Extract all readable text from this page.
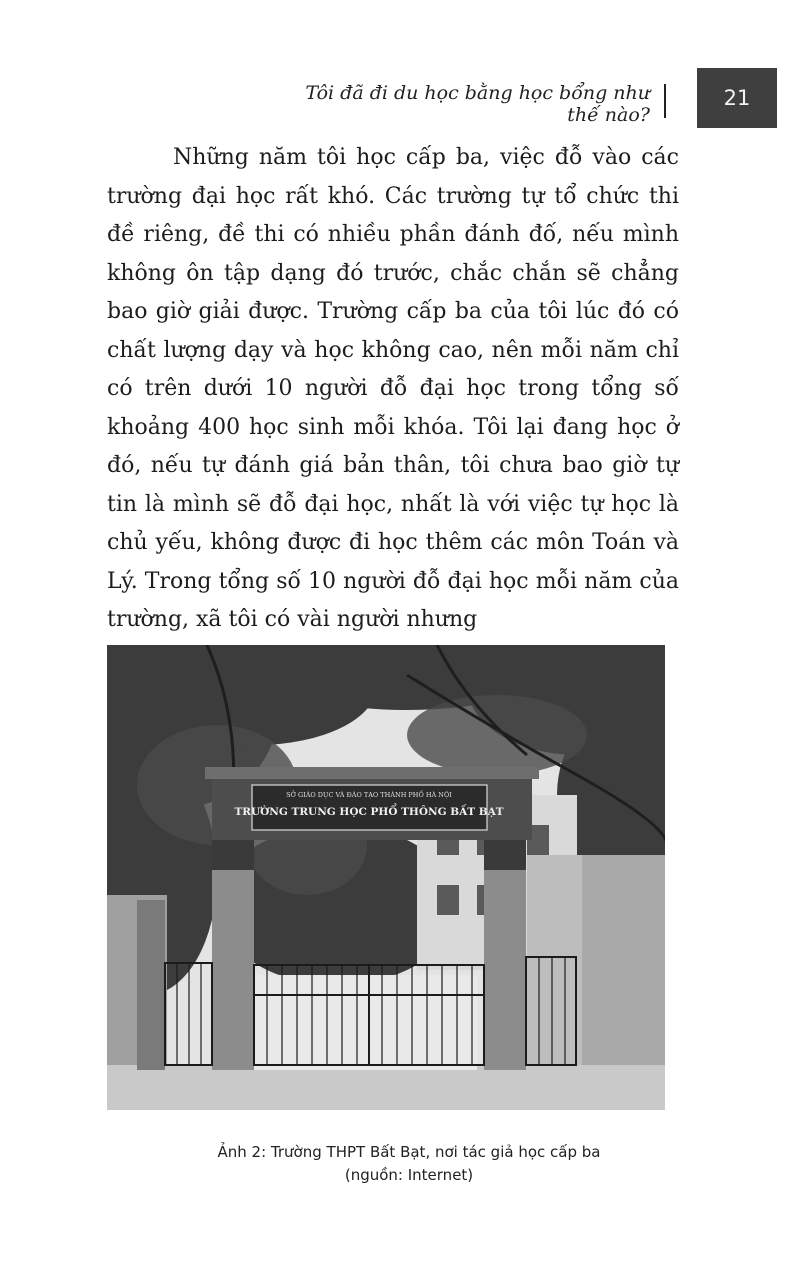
Tôi đã đi du học bằng học bổng như thế nào?
21

Những năm tôi học cấp ba, việc đỗ vào các trường đại học rất khó. Các trường tự tổ chức thi đề riêng, đề thi có nhiều phần đánh đố, nếu mình không ôn tập dạng đó trước, chắc chắn sẽ chẳng bao giờ giải được. Trường cấp ba của tôi lúc đó có chất lượng dạy và học không cao, nên mỗi năm chỉ có trên dưới 10 người đỗ đại học trong tổng số khoảng 400 học sinh mỗi khóa. Tôi lại đang học ở đó, nếu tự đánh giá bản thân, tôi chưa bao giờ tự tin là mình sẽ đỗ đại học, nhất là với việc tự học là chủ yếu, không được đi học thêm các môn Toán và Lý. Trong tổng số 10 người đỗ đại học mỗi năm của trường, xã tôi có vài người nhưng

SỞ GIÁO DỤC VÀ ĐÀO TẠO THÀNH PHỐ HÀ NỘI
TRƯỜNG TRUNG HỌC PHỔ THÔNG BẤT BẠT
Ảnh 2: Trường THPT Bất Bạt, nơi tác giả học cấp ba
(nguồn: Internet)
